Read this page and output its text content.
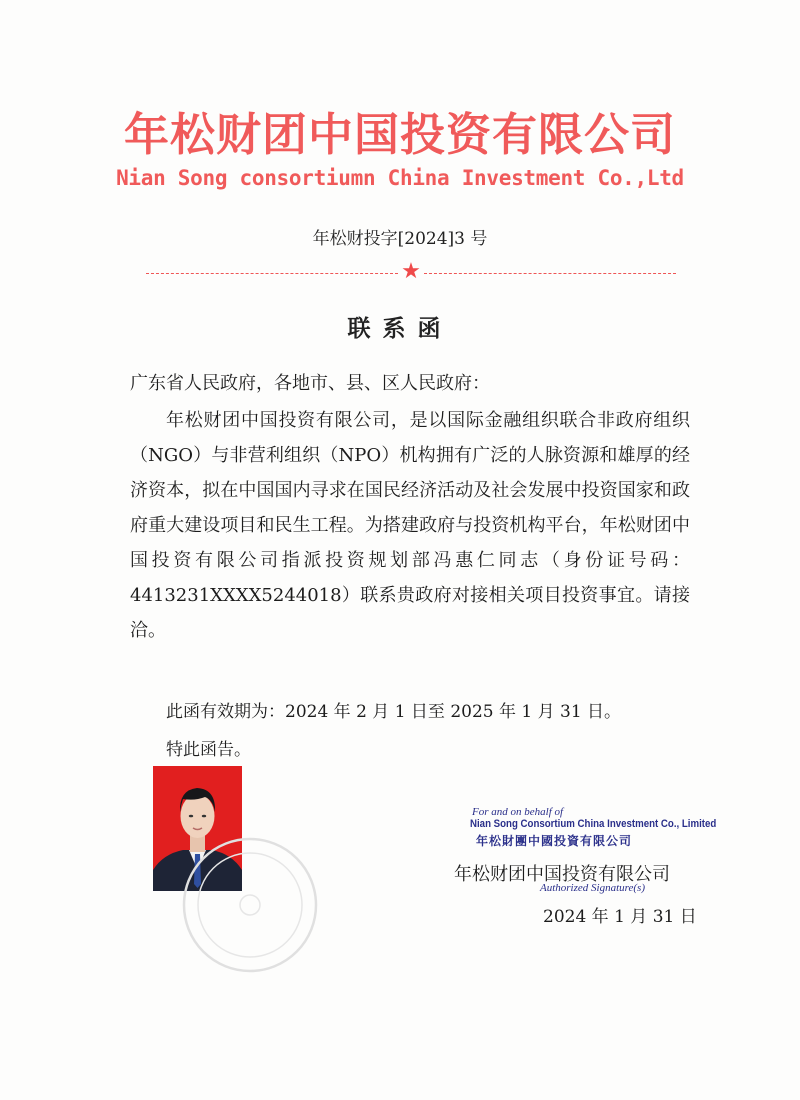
年松财团中国投资有限公司
Nian Song consortiumn China Investment Co.,Ltd
年松财投字[2024]3 号
★
联系函
广东省人民政府，各地市、县、区人民政府：
年松财团中国投资有限公司，是以国际金融组织联合非政府组织（NGO）与非营利组织（NPO）机构拥有广泛的人脉资源和雄厚的经济资本，拟在中国国内寻求在国民经济活动及社会发展中投资国家和政府重大建设项目和民生工程。为搭建政府与投资机构平台，年松财团中国投资有限公司指派投资规划部冯惠仁同志（身份证号码：4413231XXXX5244018）联系贵政府对接相关项目投资事宜。请接洽。
此函有效期为：2024 年 2 月 1 日至 2025 年 1 月 31 日。
特此函告。
For and on behalf of
Nian Song Consortium China Investment Co., Limited
年松財團中國投資有限公司
年松财团中国投资有限公司
Authorized Signature(s)
2024 年 1 月 31 日
